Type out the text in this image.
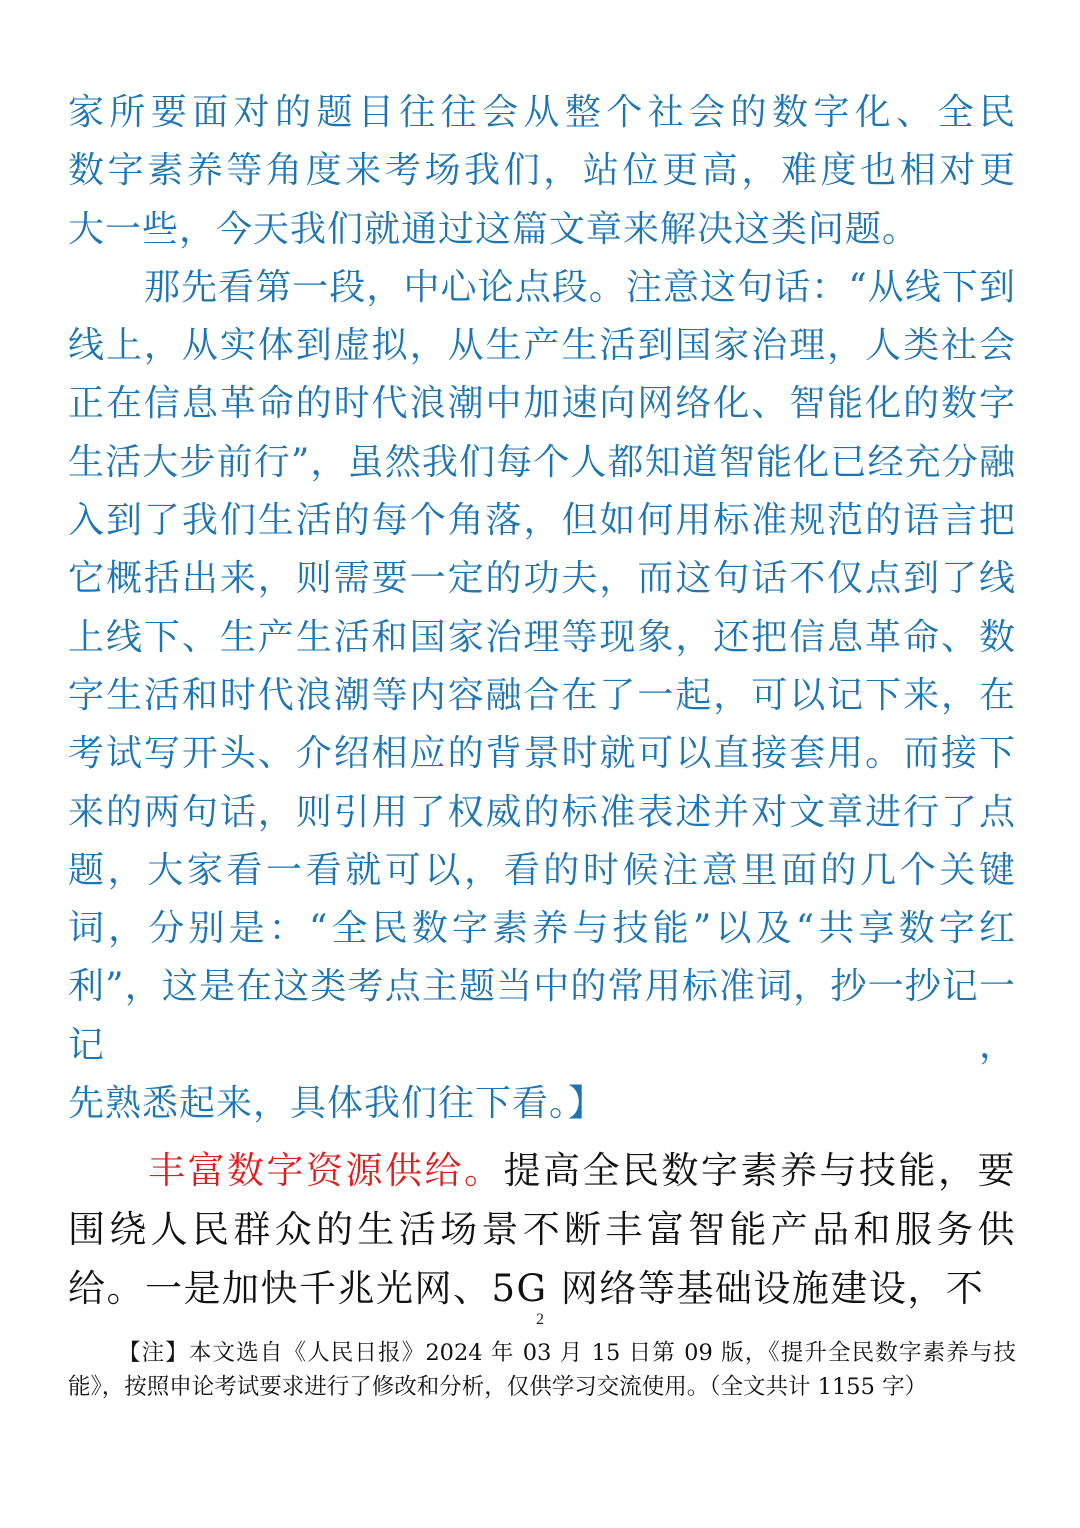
家所要面对的题目往往会从整个社会的数字化、全民

数字素养等角度来考场我们，站位更高，难度也相对更

大一些，今天我们就通过这篇文章来解决这类问题。

那先看第一段，中心论点段。注意这句话：“从线下到线上，从实体到虚拟，从生产生活到国家治理，人类社会正在信息革命的时代浪潮中加速向网络化、智能化的数字生活大步前行”，虽然我们每个人都知道智能化已经充分融入到了我们生活的每个角落，但如何用标准规范的语言把它概括出来，则需要一定的功夫，而这句话不仅点到了线上线下、生产生活和国家治理等现象，还把信息革命、数字生活和时代浪潮等内容融合在了一起，可以记下来，在考试写开头、介绍相应的背景时就可以直接套用。而接下来的两句话，则引用了权威的标准表述并对文章进行了点题，大家看一看就可以，看的时候注意里面的几个关键词，分别是：“全民数字素养与技能”以及“共享数字红利”，这是在这类考点主题当中的常用标准词，抄一抄记一记，

先熟悉起来，具体我们往下看。】

丰富数字资源供给。提高全民数字素养与技能，要围绕人民群众的生活场景不断丰富智能产品和服务供给。一是加快千兆光网、5G 网络等基础设施建设，不

2

【注】本文选自《人民日报》2024 年 03 月 15 日第 09 版，《提升全民数字素养与技能》，按照申论考试要求进行了修改和分析，仅供学习交流使用。（全文共计 1155 字）
